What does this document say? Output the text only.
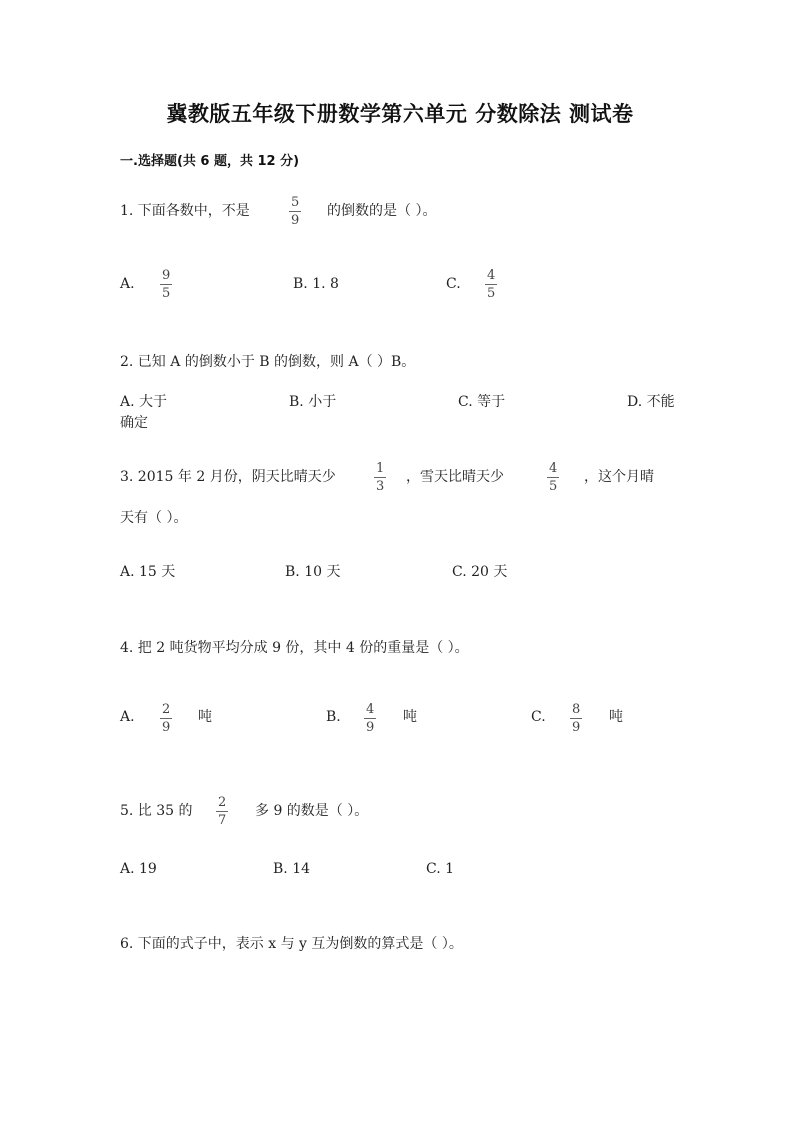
冀教版五年级下册数学第六单元 分数除法 测试卷
一.选择题(共 6 题，共 12 分)
1. 下面各数中，不是
5
9
的倒数的是（ ）。
A.
9
5
B. 1. 8	C.
4
5
2. 已知 A 的倒数小于 B 的倒数，则 A（ ）B。
A. 大于	B. 小于	C. 等于	D. 不能
确定
3. 2015 年 2 月份，阴天比晴天少
1
3
，雪天比晴天少
4
5
，这个月晴
天有（ ）。
A. 15 天	B. 10 天	C. 20 天
4. 把 2 吨货物平均分成 9 份，其中 4 份的重量是（ ）。
A. 2
9
吨	B. 4
9
吨	C. 8
9
吨
5. 比 35 的
2
7
多 9 的数是（ ）。
A. 19	B. 14	C. 1
6. 下面的式子中，表示 x 与 y 互为倒数的算式是（ ）。
